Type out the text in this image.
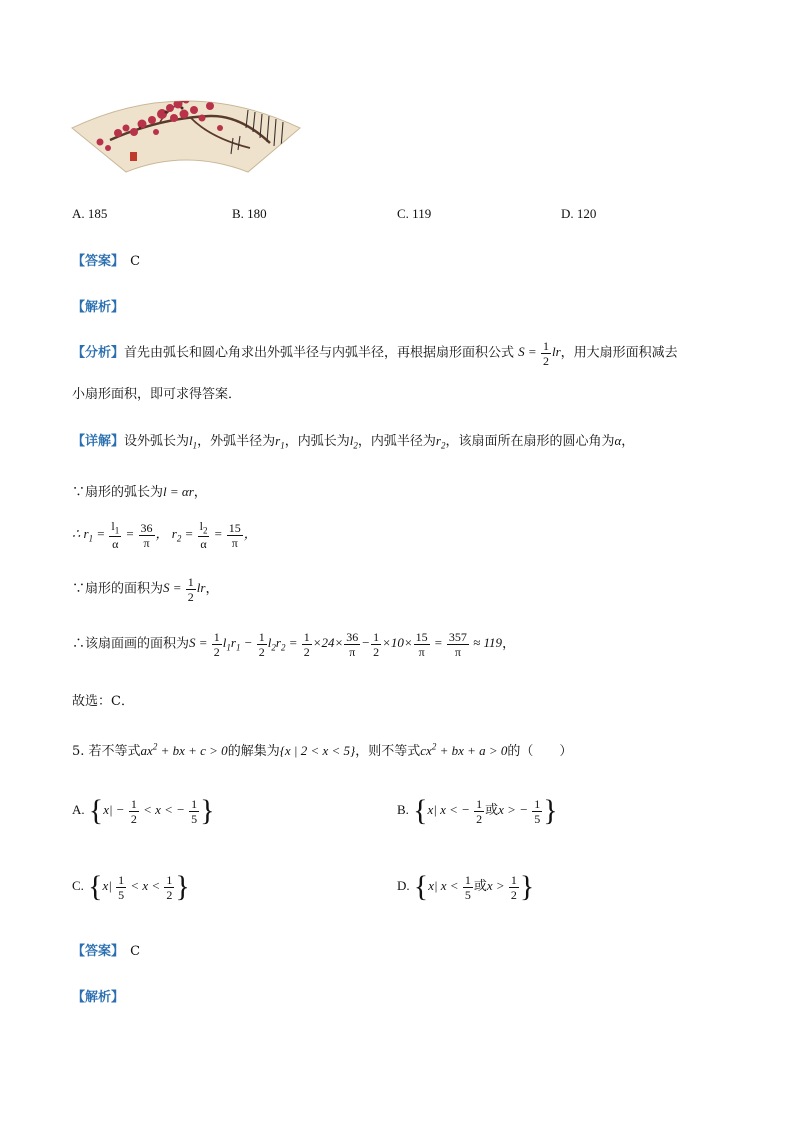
A. 185	B. 180	C. 119	D. 120
【答案】 C
【解析】
【分析】首先由弧长和圆心角求出外弧半径与内弧半径，再根据扇形面积公式 $S = \frac{1}{2}$ lr，用大扇形面积减去
小扇形面积，即可求得答案．
【详解】设外弧长为$l_1$，外弧半径为$r_1$，内弧长为$l_2$，内弧半径为$r_2$，该扇面所在扇形的圆心角为α，
∵扇形的弧长为l = αr，
∴ $r_1 = \frac{l_1}{\alpha} = \frac{36}{\pi}$ ， $r_2 = \frac{l_2}{\alpha} = \frac{15}{\pi}$ ，
∵扇形的面积为$S = \frac{1}{2}$ lr，
∴该扇面画的面积为$S = \frac{1}{2} l_1r_1 - \frac{1}{2} l_2r_2 = \frac{1}{2} \times 24\times \frac{36}{\pi} - \frac{1}{2} \times 10\times \frac{15}{\pi} = \frac{357}{\pi} \approx 119$，
故选：C．
5. 若不等式$ax^2$ + bx + c > 0的解集为{x | 2 < x < 5}，则不等式$cx^2$ + bx + a > 0的（　　）
A. {$x| - \frac{1}{2} < x$ < − $\frac{1}{5}$ }	B. {x| x < − $\frac{1}{2}$ 或x > − $\frac{1}{5}$ }
C. {$x| \frac{1}{5} < x < \frac{1}{2}$ }	D. {x| $x < \frac{1}{5}$ 或$x > \frac{1}{2}$ }
【答案】 C
【解析】
